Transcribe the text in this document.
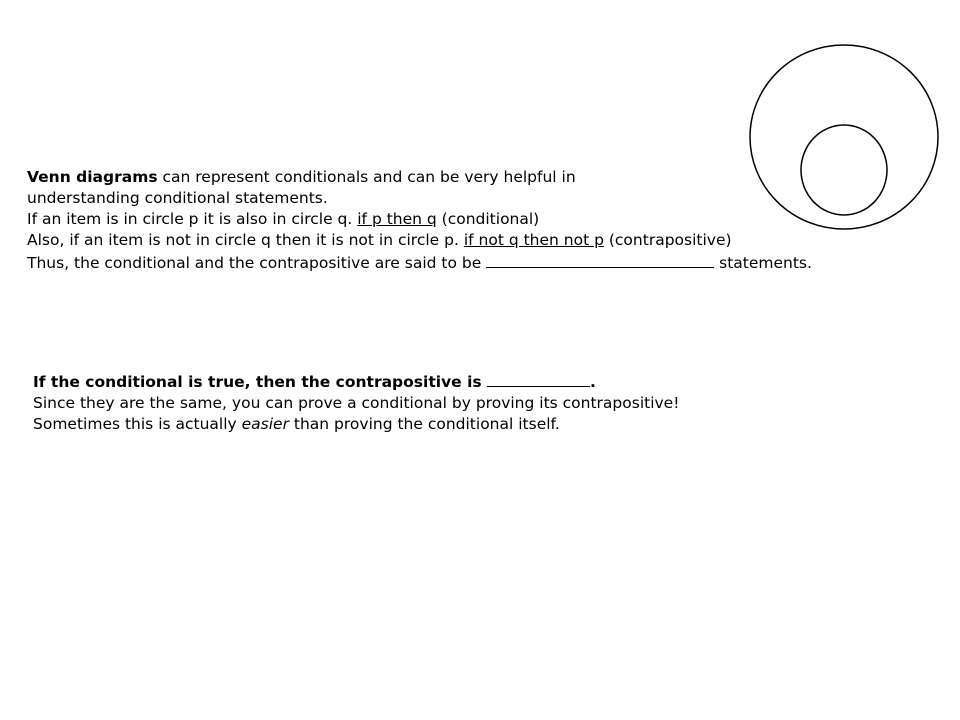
Venn diagrams can represent conditionals and can be very helpful in
understanding conditional statements.
If an item is in circle p it is also in circle q. if p then q (conditional)
Also, if an item is not in circle q then it is not in circle p. if not q then not p (contrapositive)
Thus, the conditional and the contrapositive are said to be	statements.
If the conditional is true, then the contrapositive is	.
Since they are the same, you can prove a conditional by proving its contrapositive!
Sometimes this is actually easier than proving the conditional itself.
